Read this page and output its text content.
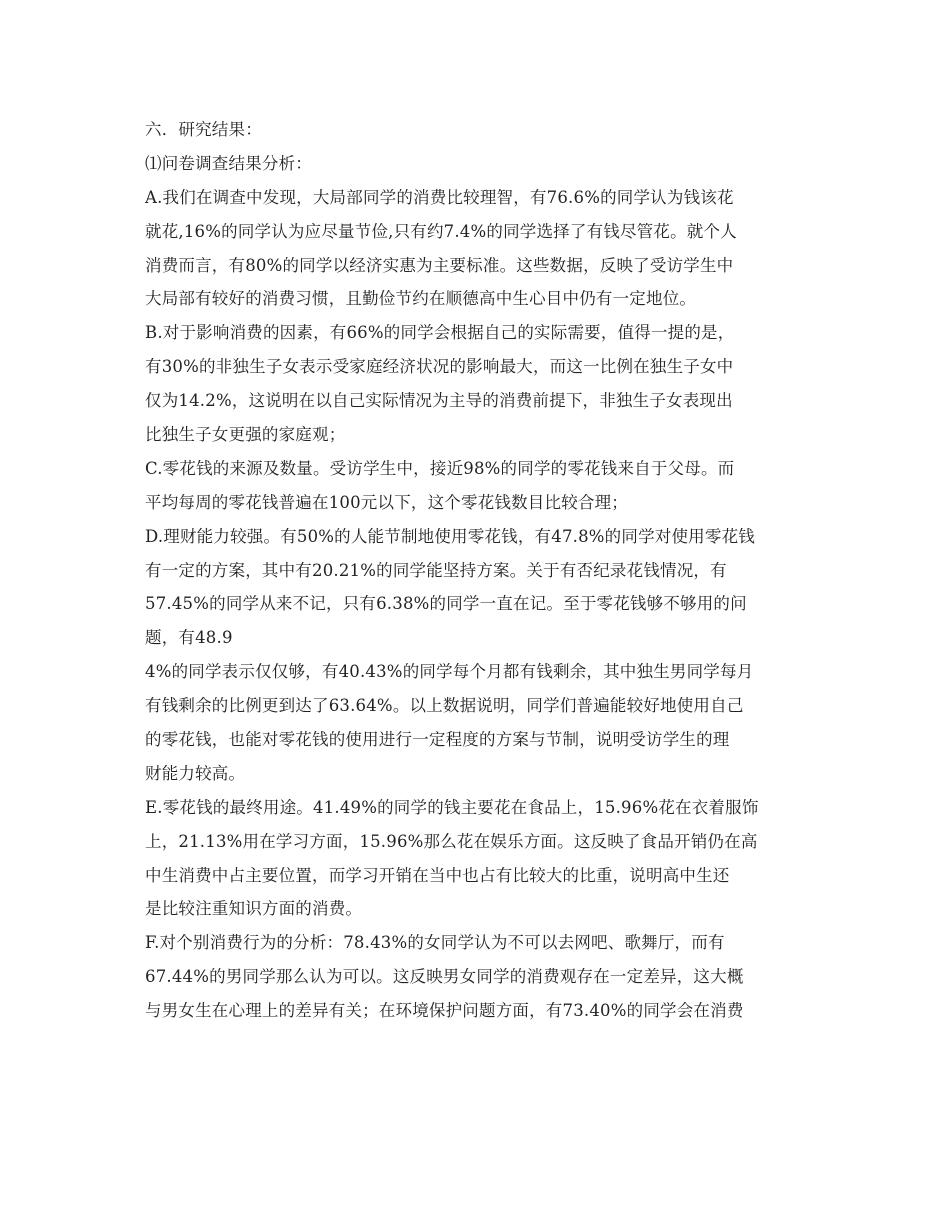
六．研究结果：
⑴问卷调查结果分析：
A.我们在调查中发现，大局部同学的消费比较理智，有76.6%的同学认为钱该花
就花,16%的同学认为应尽量节俭,只有约7.4%的同学选择了有钱尽管花。就个人
消费而言，有80%的同学以经济实惠为主要标准。这些数据，反映了受访学生中
大局部有较好的消费习惯，且勤俭节约在顺德高中生心目中仍有一定地位。
B.对于影响消费的因素，有66%的同学会根据自己的实际需要，值得一提的是，
有30%的非独生子女表示受家庭经济状况的影响最大，而这一比例在独生子女中
仅为14.2%，这说明在以自己实际情况为主导的消费前提下，非独生子女表现出
比独生子女更强的家庭观；
C.零花钱的来源及数量。受访学生中，接近98%的同学的零花钱来自于父母。而
平均每周的零花钱普遍在100元以下，这个零花钱数目比较合理；
D.理财能力较强。有50%的人能节制地使用零花钱，有47.8%的同学对使用零花钱
有一定的方案，其中有20.21%的同学能坚持方案。关于有否纪录花钱情况，有
57.45%的同学从来不记，只有6.38%的同学一直在记。至于零花钱够不够用的问
题，有48.9
4%的同学表示仅仅够，有40.43%的同学每个月都有钱剩余，其中独生男同学每月
有钱剩余的比例更到达了63.64%。以上数据说明，同学们普遍能较好地使用自己
的零花钱，也能对零花钱的使用进行一定程度的方案与节制，说明受访学生的理
财能力较高。
E.零花钱的最终用途。41.49%的同学的钱主要花在食品上，15.96%花在衣着服饰
上，21.13%用在学习方面，15.96%那么花在娱乐方面。这反映了食品开销仍在高
中生消费中占主要位置，而学习开销在当中也占有比较大的比重，说明高中生还
是比较注重知识方面的消费。
F.对个别消费行为的分析：78.43%的女同学认为不可以去网吧、歌舞厅，而有
67.44%的男同学那么认为可以。这反映男女同学的消费观存在一定差异，这大概
与男女生在心理上的差异有关；在环境保护问题方面，有73.40%的同学会在消费
